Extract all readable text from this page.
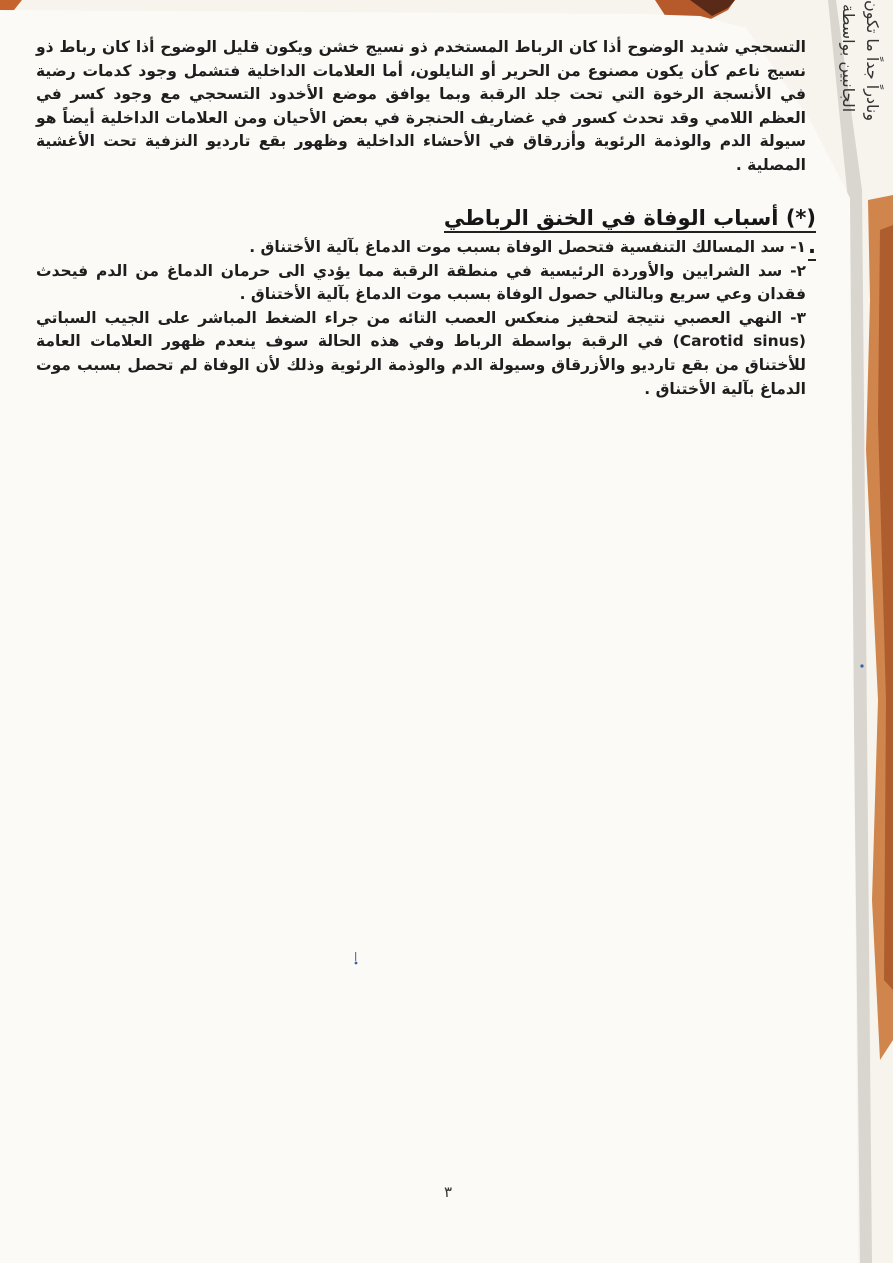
الجانبين بواسطة ونادراً جداً ما تكون
التسحجي شديد الوضوح أذا كان الرباط المستخدم ذو نسيج خشن ويكون قليل الوضوح أذا كان رباط ذو نسيج ناعم كأن يكون مصنوع من الحرير أو النايلون، أما العلامات الداخلية فتشمل وجود كدمات رضية في الأنسجة الرخوة التي تحت جلد الرقبة وبما يوافق موضع الأخدود التسحجي مع وجود كسر في العظم اللامي وقد تحدث كسور في غضاريف الحنجرة في بعض الأحيان ومن العلامات الداخلية أيضاً هو سيولة الدم والوذمة الرئوية وأزرقاق في الأحشاء الداخلية وظهور بقع تارديو النزفية تحت الأغشية المصلية .
(*) أسباب الوفاة في الخنق الرباطي .

١- سد المسالك التنفسية فتحصل الوفاة بسبب موت الدماغ بآلية الأختناق .

٢- سد الشرايين والأوردة الرئيسية في منطقة الرقبة مما يؤدي الى حرمان الدماغ من الدم فيحدث فقدان وعي سريع وبالتالي حصول الوفاة بسبب موت الدماغ بآلية الأختناق .

٣- النهي العصبي نتيجة لتحفيز منعكس العصب التائه من جراء الضغط المباشر على الجيب السباتي (Carotid sinus) في الرقبة بواسطة الرباط وفي هذه الحالة سوف ينعدم ظهور العلامات العامة للأختناق من بقع تارديو والأزرقاق وسيولة الدم والوذمة الرئوية وذلك لأن الوفاة لم تحصل بسبب موت الدماغ بآلية الأختناق .

٣
